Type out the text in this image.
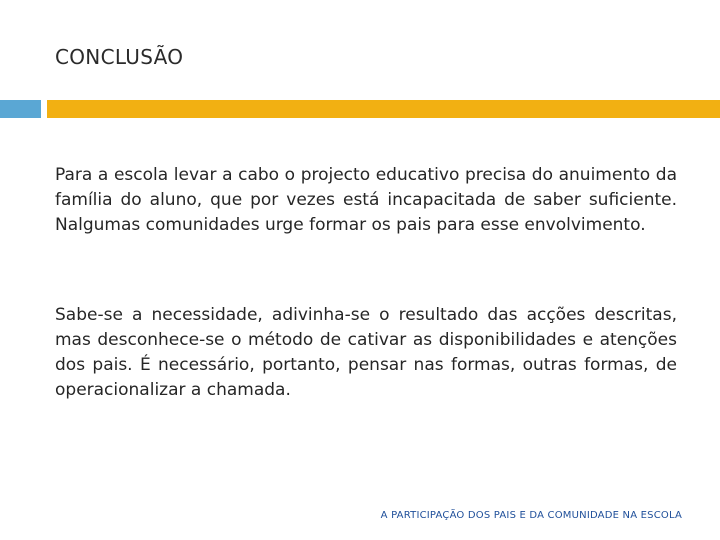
CONCLUSÃO

Para a escola levar a cabo o projecto educativo precisa do anuimento da família do aluno, que por vezes está incapacitada de saber suficiente. Nalgumas comunidades urge formar os pais para esse envolvimento.

Sabe-se a necessidade, adivinha-se o resultado das acções descritas, mas desconhece-se o método de cativar as disponibilidades e atenções dos pais. É necessário, portanto, pensar nas formas, outras formas, de operacionalizar a chamada.

A PARTICIPAÇÃO DOS PAIS E DA COMUNIDADE NA ESCOLA
